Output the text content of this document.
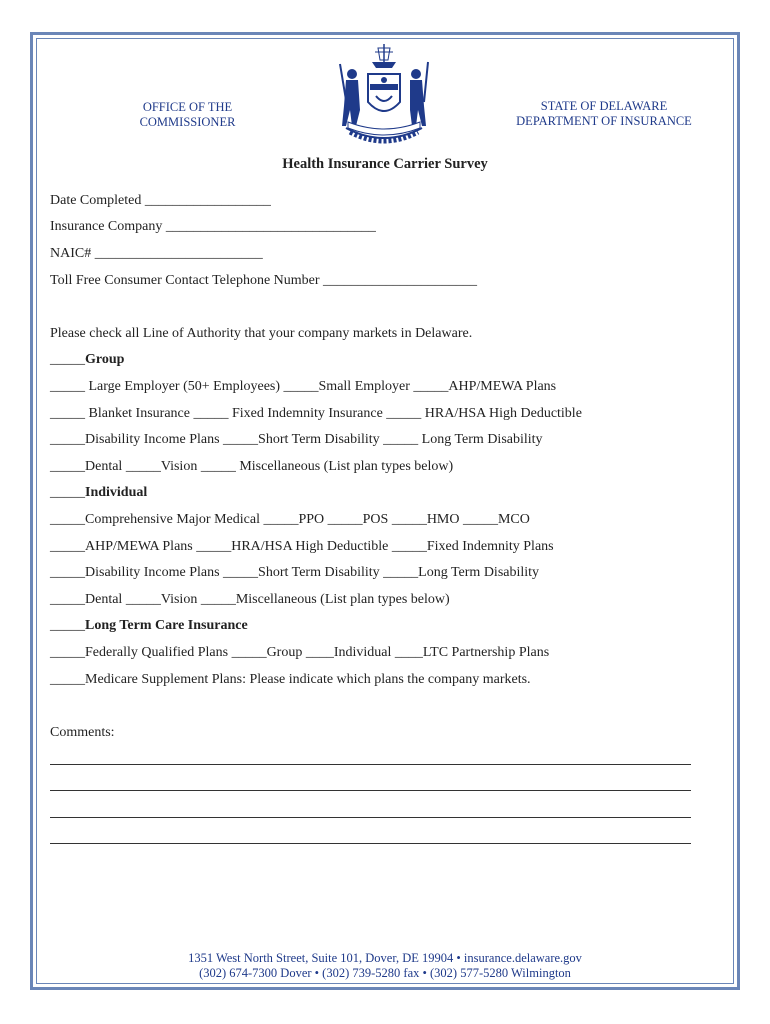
OFFICE OF THE
COMMISSIONER
STATE OF DELAWARE
DEPARTMENT OF INSURANCE
Health Insurance Carrier Survey
Date Completed __________________
Insurance Company ______________________________
NAIC# ________________________
Toll Free Consumer Contact Telephone Number ______________________
Please check all Line of Authority that your company markets in Delaware.
_____Group
_____ Large Employer (50+ Employees) _____Small Employer _____AHP/MEWA Plans
_____ Blanket Insurance _____ Fixed Indemnity Insurance _____ HRA/HSA High Deductible
_____Disability Income Plans _____Short Term Disability _____ Long Term Disability
_____Dental _____Vision _____ Miscellaneous (List plan types below)
_____Individual
_____Comprehensive Major Medical _____PPO _____POS _____HMO _____MCO
_____AHP/MEWA Plans _____HRA/HSA High Deductible _____Fixed Indemnity Plans
_____Disability Income Plans _____Short Term Disability _____Long Term Disability
_____Dental _____Vision _____Miscellaneous (List plan types below)
_____Long Term Care Insurance
_____Federally Qualified Plans _____Group ____Individual ____LTC Partnership Plans
_____Medicare Supplement Plans: Please indicate which plans the company markets.
Comments:
1351 West North Street, Suite 101, Dover, DE 19904 • insurance.delaware.gov
(302) 674-7300 Dover • (302) 739-5280 fax • (302) 577-5280 Wilmington
